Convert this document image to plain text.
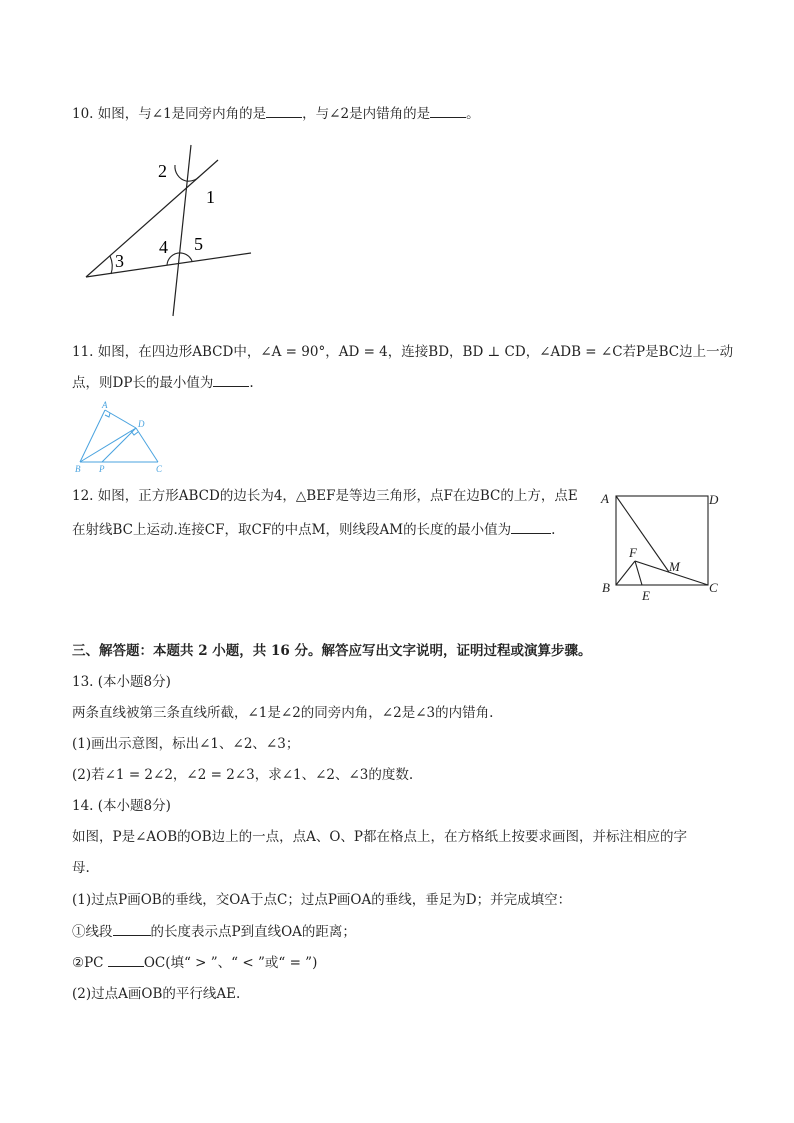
10. 如图，与∠1是同旁内角的是	，与∠2是内错角的是	。
2
1
4 5
3
11. 如图，在四边形ABCD中，∠A = 90°，AD = 4，连接BD，BD ⊥ CD，∠ADB = ∠C若P是BC边上一动
点，则DP长的最小值为	.
A
D
B P	C
12. 如图，正方形ABCD的边长为4，△BEF是等边三角形，点F在边BC的上方，点E
在射线BC上运动.连接CF，取CF的中点M，则线段AM的长度的最小值为	.
A	D
F
M
B
E
C
三、解答题：本题共 2 小题，共 16 分。解答应写出文字说明，证明过程或演算步骤。
13. (本小题8分)
两条直线被第三条直线所截，∠1是∠2的同旁内角，∠2是∠3的内错角.
(1)画出示意图，标出∠1、∠2、∠3；
(2)若∠1 = 2∠2，∠2 = 2∠3，求∠1、∠2、∠3的度数.
14. (本小题8分)
如图，P是∠AOB的OB边上的一点，点A、O、P都在格点上，在方格纸上按要求画图，并标注相应的字
母.
(1)过点P画OB的垂线，交OA于点C；过点P画OA的垂线，垂足为D；并完成填空：
①线段	的长度表示点P到直线OA的距离；
②PC	OC(填“ > ”、“ < ”或“ = ”)
(2)过点A画OB的平行线AE.
